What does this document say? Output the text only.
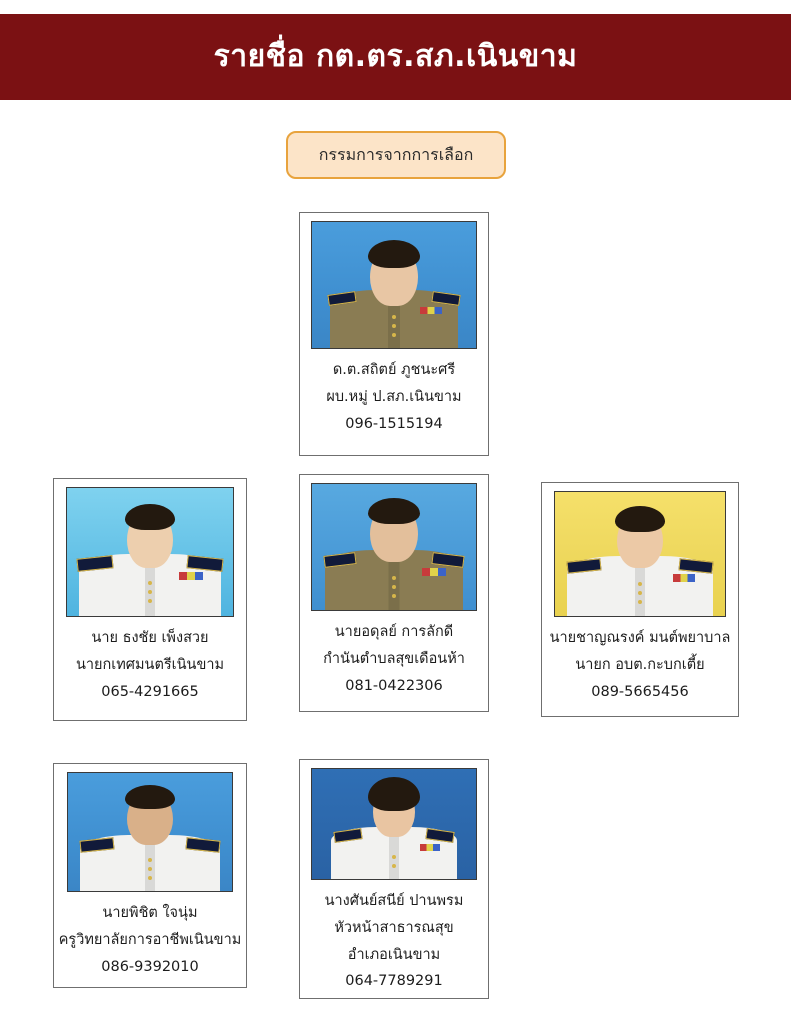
รายชื่อ กต.ตร.สภ.เนินขาม
กรรมการจากการเลือก
ด.ต.สถิตย์ ภูชนะศรี
ผบ.หมู่ ป.สภ.เนินขาม
096-1515194
นาย ธงชัย เพ็งสวย
นายกเทศมนตรีเนินขาม
065-4291665
นายอดุลย์ การลักดี
กำนันตำบลสุขเดือนห้า
081-0422306
นายชาญณรงค์ มนต์พยาบาล
นายก อบต.กะบกเตี้ย
089-5665456
นายพิชิต ใจนุ่ม
ครูวิทยาลัยการอาชีพเนินขาม
086-9392010
นางศันย์สนีย์ ปานพรม
หัวหน้าสาธารณสุข
อำเภอเนินขาม
064-7789291
